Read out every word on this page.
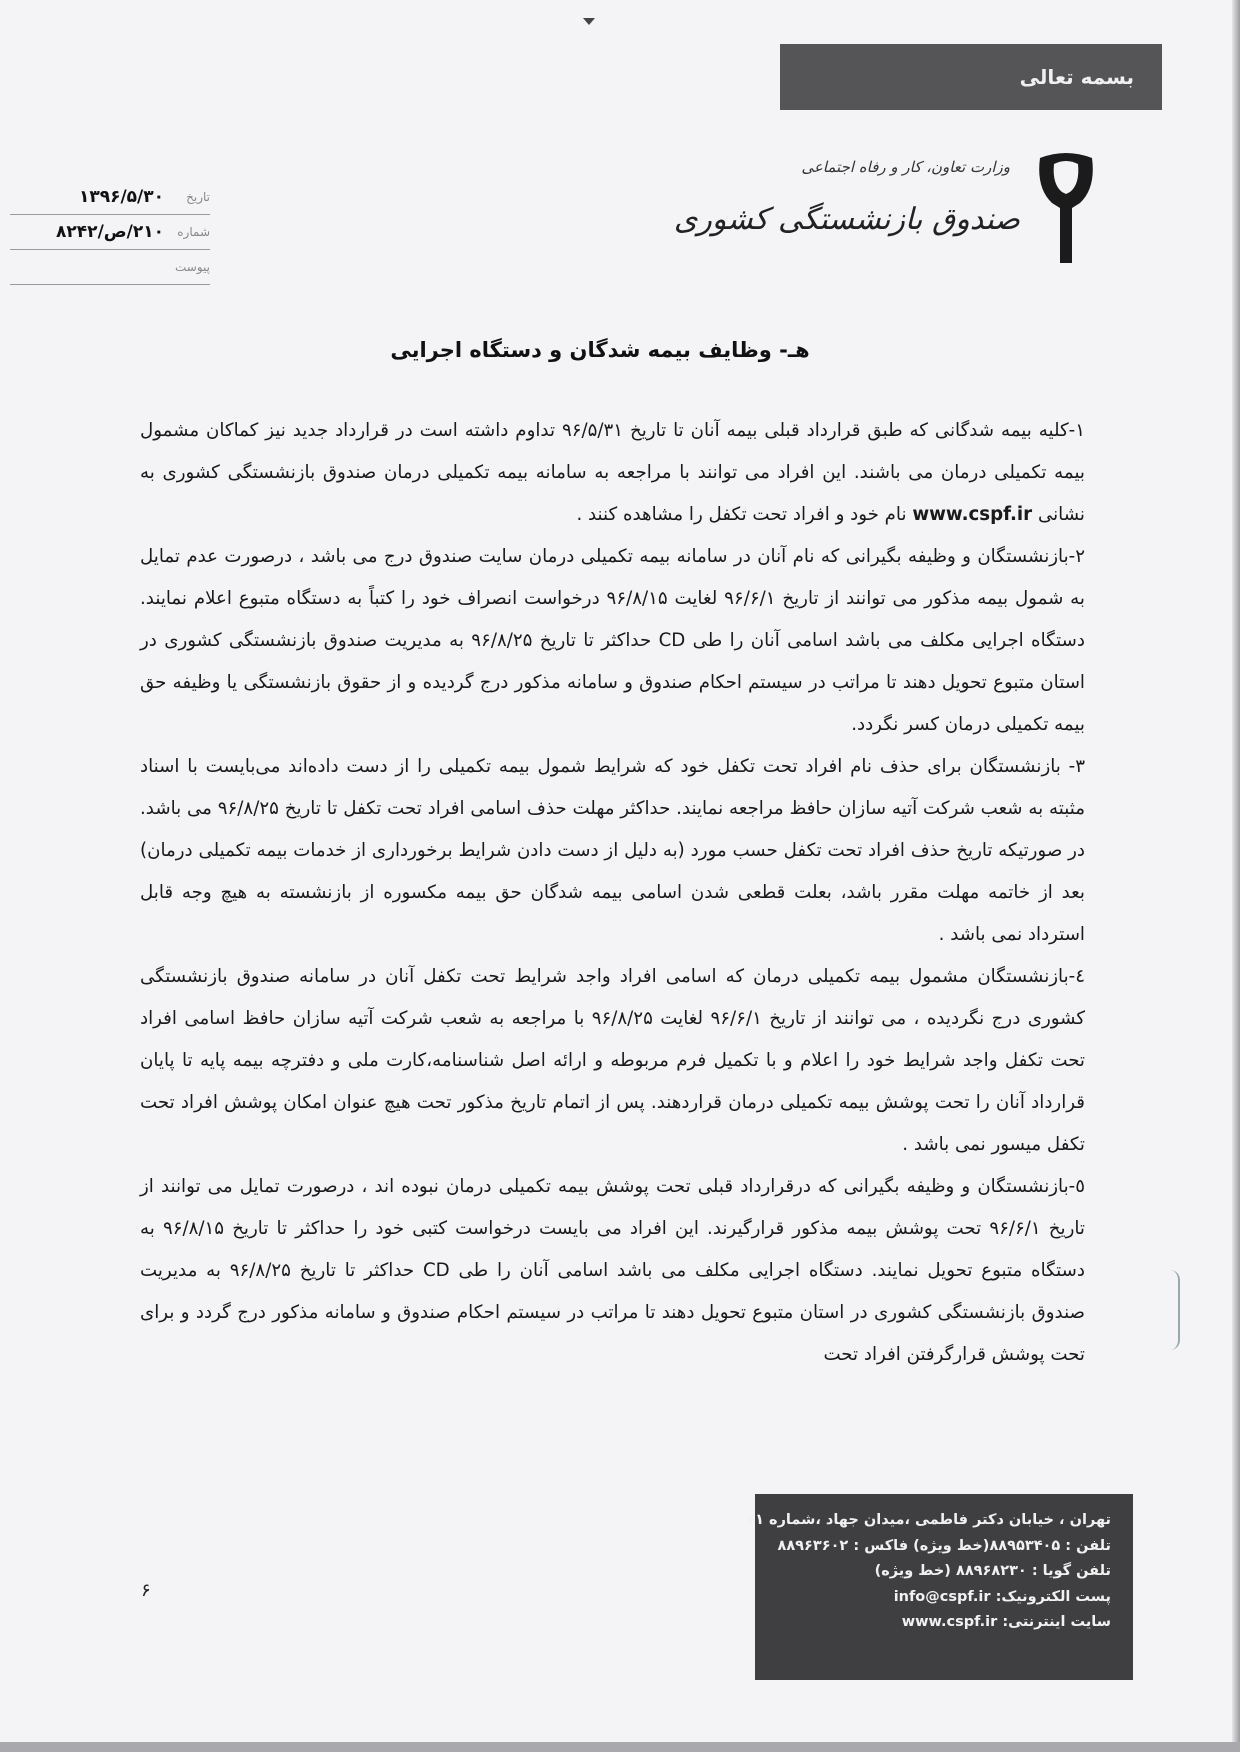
بسمه تعالی
وزارت تعاون، کار و رفاه اجتماعی
صندوق بازنشستگی کشوری
تاریخ
۱۳۹۶/۵/۳۰
شماره
۲۱۰/ص/۸۲۴۲
پیوست
هـ- وظایف بیمه شدگان و دستگاه اجرایی

۱-کلیه بیمه شدگانی که طبق قرارداد قبلی بیمه آنان تا تاریخ ۹۶/۵/۳۱ تداوم داشته است در قرارداد جدید نیز کماکان مشمول بیمه تکمیلی درمان می باشند. این افراد می توانند با مراجعه به سامانه بیمه تکمیلی درمان صندوق بازنشستگی کشوری به نشانی www.cspf.ir نام خود و افراد تحت تکفل را مشاهده کنند .

۲-بازنشستگان و وظیفه بگیرانی که نام آنان در سامانه بیمه تکمیلی درمان سایت صندوق درج می باشد ، درصورت عدم تمایل به شمول بیمه مذکور می توانند از تاریخ ۹۶/۶/۱ لغایت ۹۶/۸/۱۵ درخواست انصراف خود را کتباً به دستگاه متبوع اعلام نمایند. دستگاه اجرایی مکلف می باشد اسامی آنان را طی CD حداکثر تا تاریخ ۹۶/۸/۲۵ به مدیریت صندوق بازنشستگی کشوری در استان متبوع تحویل دهند تا مراتب در سیستم احکام صندوق و سامانه مذکور درج گردیده و از حقوق بازنشستگی یا وظیفه حق بیمه تکمیلی درمان کسر نگردد.

۳- بازنشستگان برای حذف نام افراد تحت تکفل خود که شرایط شمول بیمه تکمیلی را از دست داده‌اند می‌بایست با اسناد مثبته به شعب شرکت آتیه سازان حافظ مراجعه نمایند. حداکثر مهلت حذف اسامی افراد تحت تکفل تا تاریخ ۹۶/۸/۲۵ می باشد. در صورتیکه تاریخ حذف افراد تحت تکفل حسب مورد (به دلیل از دست دادن شرایط برخورداری از خدمات بیمه تکمیلی درمان) بعد از خاتمه مهلت مقرر باشد، بعلت قطعی شدن اسامی بیمه شدگان حق بیمه مکسوره از بازنشسته به هیچ وجه قابل استرداد نمی باشد .

٤-بازنشستگان مشمول بیمه تکمیلی درمان که اسامی افراد واجد شرایط تحت تکفل آنان در سامانه صندوق بازنشستگی کشوری درج نگردیده ، می توانند از تاریخ ۹۶/۶/۱ لغایت ۹۶/۸/۲۵ با مراجعه به شعب شرکت آتیه سازان حافظ اسامی افراد تحت تکفل واجد شرایط خود را اعلام و با تکمیل فرم مربوطه و ارائه اصل شناسنامه،کارت ملی و دفترچه بیمه پایه تا پایان قرارداد آنان را تحت پوشش بیمه تکمیلی درمان قراردهند. پس از اتمام تاریخ مذکور تحت هیچ عنوان امکان پوشش افراد تحت تکفل میسور نمی باشد .

٥-بازنشستگان و وظیفه بگیرانی که درقرارداد قبلی تحت پوشش بیمه تکمیلی درمان نبوده اند ، درصورت تمایل می توانند از تاریخ ۹۶/۶/۱ تحت پوشش بیمه مذکور قرارگیرند. این افراد می بایست درخواست کتبی خود را حداکثر تا تاریخ ۹۶/۸/۱۵ به دستگاه متبوع تحویل نمایند. دستگاه اجرایی مکلف می باشد اسامی آنان را طی CD حداکثر تا تاریخ ۹۶/۸/۲۵ به مدیریت صندوق بازنشستگی کشوری در استان متبوع تحویل دهند تا مراتب در سیستم احکام صندوق و سامانه مذکور درج گردد و برای تحت پوشش قرارگرفتن افراد تحت

۶
تهران ، خیابان دکتر فاطمی ،میدان جهاد ،شماره ۶۱
تلفن : ۸۸۹۵۳۴۰۵(خط ویژه) فاکس : ۸۸۹۶۳۶۰۲
تلفن گویا : ۸۸۹۶۸۲۳۰ (خط ویژه)
پست الکترونیک: info@cspf.ir
سایت اینترنتی: www.cspf.ir
